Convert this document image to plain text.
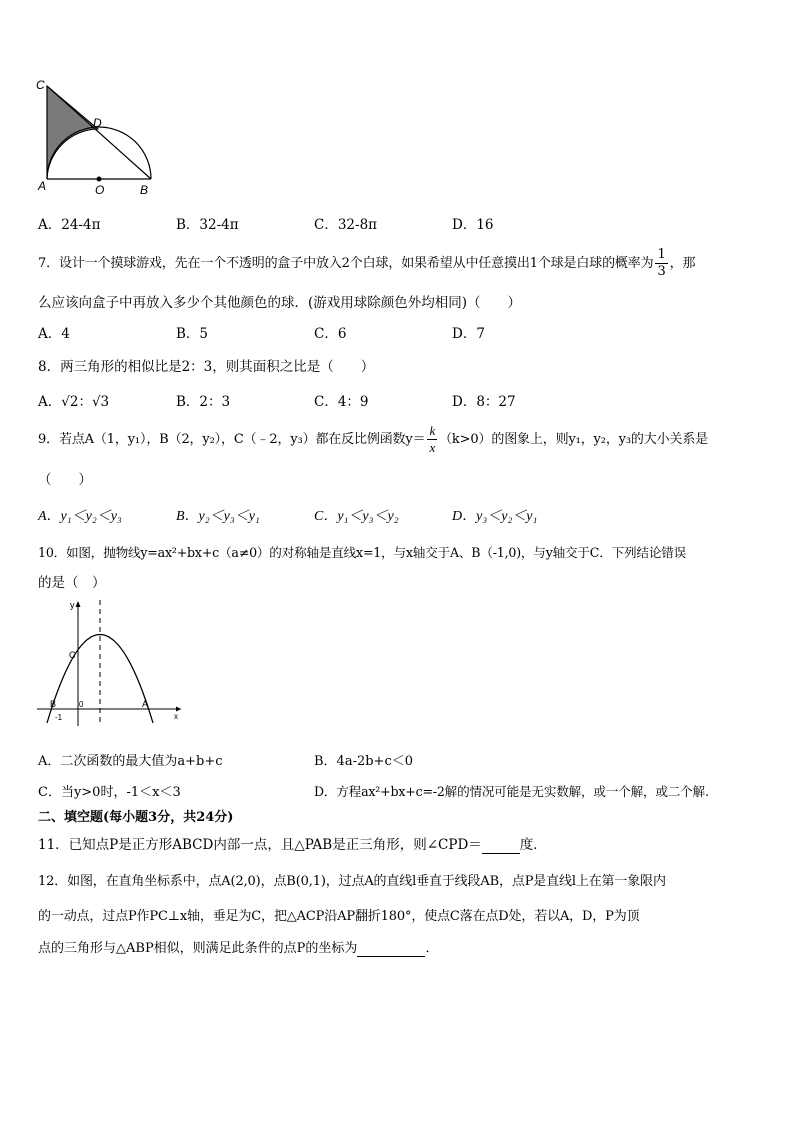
C
D
A	O	B
A．24-4π	B．32-4π	C．32-8π	D．16
7．设计一个摸球游戏，先在一个不透明的盒子中放入2个白球，如果希望从中任意摸出1个球是白球的概率为 $\frac{1}{3}$ ，那
么应该向盒子中再放入多少个其他颜色的球．(游戏用球除颜色外均相同)（　　）
A．4	B．5	C．6	D．7
8．两三角形的相似比是2：3，则其面积之比是（　　）
A．√2：√3	B．2：3	C．4：9	D．8：27
9．若点A（1，y₁），B（2，y₂），C（﹣2，y₃）都在反比例函数$y= \frac{k}{x} (k>0)$的图象上，则y₁，y₂，y₃的大小关系是
（　　）
A．y₁＜y₂＜y₃	B．y₂＜y₃＜y₁	C．y₁＜y₃＜y₂	D．y₃＜y₂＜y₁
10．如图，抛物线y=ax²+bx+c（a≠0）的对称轴是直线x=1，与x轴交于A、B（-1,0)，与y轴交于C．下列结论错误
的是（　）
y
C
B
-1
0	A
x
A．二次函数的最大值为a+b+c	B．4a-2b+c＜0
C．当y>0时，-1＜x＜3	D．方程ax²+bx+c=-2解的情况可能是无实数解，或一个解，或二个解.
二、填空题(每小题3分，共24分)
11．已知点P是正方形ABCD内部一点，且△PAB是正三角形，则∠CPD＝	度．
12．如图，在直角坐标系中，点A(2,0)，点B(0,1)，过点A的直线l垂直于线段AB，点P是直线l上在第一象限内
的一动点，过点P作PC⊥x轴，垂足为C，把△ACP沿AP翻折180°，使点C落在点D处，若以A，D，P为顶
点的三角形与△ABP相似，则满足此条件的点P的坐标为	．
